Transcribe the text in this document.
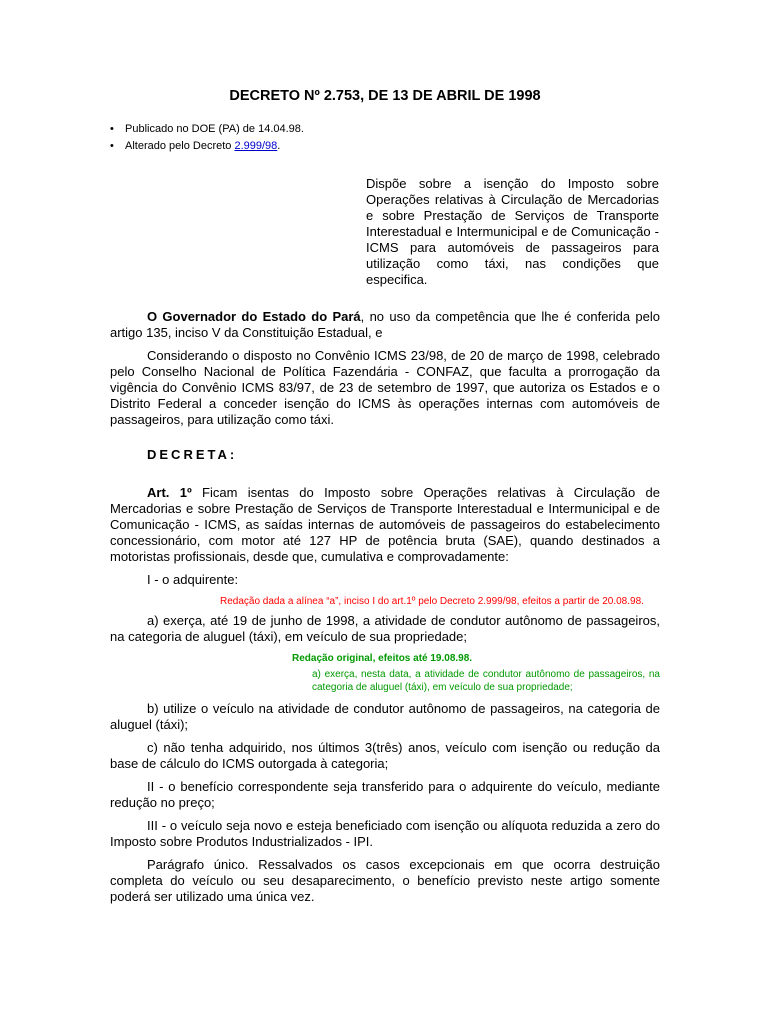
DECRETO Nº 2.753, DE 13 DE ABRIL DE 1998
• Publicado no DOE (PA) de 14.04.98.
• Alterado pelo Decreto 2.999/98.
Dispõe sobre a isenção do Imposto sobre Operações relativas à Circulação de Mercadorias e sobre Prestação de Serviços de Transporte Interestadual e Intermunicipal e de Comunicação - ICMS para automóveis de passageiros para utilização como táxi, nas condições que especifica.

O Governador do Estado do Pará, no uso da competência que lhe é conferida pelo artigo 135, inciso V da Constituição Estadual, e

Considerando o disposto no Convênio ICMS 23/98, de 20 de março de 1998, celebrado pelo Conselho Nacional de Política Fazendária - CONFAZ, que faculta a prorrogação da vigência do Convênio ICMS 83/97, de 23 de setembro de 1997, que autoriza os Estados e o Distrito Federal a conceder isenção do ICMS às operações internas com automóveis de passageiros, para utilização como táxi.

DECRETA:

Art. 1º Ficam isentas do Imposto sobre Operações relativas à Circulação de Mercadorias e sobre Prestação de Serviços de Transporte Interestadual e Intermunicipal e de Comunicação - ICMS, as saídas internas de automóveis de passageiros do estabelecimento concessionário, com motor até 127 HP de potência bruta (SAE), quando destinados a motoristas profissionais, desde que, cumulativa e comprovadamente:

I - o adquirente:

Redação dada a alínea “a”, inciso I do art.1º pelo Decreto 2.999/98, efeitos a partir de 20.08.98.

a) exerça, até 19 de junho de 1998, a atividade de condutor autônomo de passageiros, na categoria de aluguel (táxi), em veículo de sua propriedade;

Redação original, efeitos até 19.08.98.

a) exerça, nesta data, a atividade de condutor autônomo de passageiros, na categoria de aluguel (táxi), em veículo de sua propriedade;

b) utilize o veículo na atividade de condutor autônomo de passageiros, na categoria de aluguel (táxi);

c) não tenha adquirido, nos últimos 3(três) anos, veículo com isenção ou redução da base de cálculo do ICMS outorgada à categoria;

II - o benefício correspondente seja transferido para o adquirente do veículo, mediante redução no preço;

III - o veículo seja novo e esteja beneficiado com isenção ou alíquota reduzida a zero do Imposto sobre Produtos Industrializados - IPI.

Parágrafo único. Ressalvados os casos excepcionais em que ocorra destruição completa do veículo ou seu desaparecimento, o benefício previsto neste artigo somente poderá ser utilizado uma única vez.
